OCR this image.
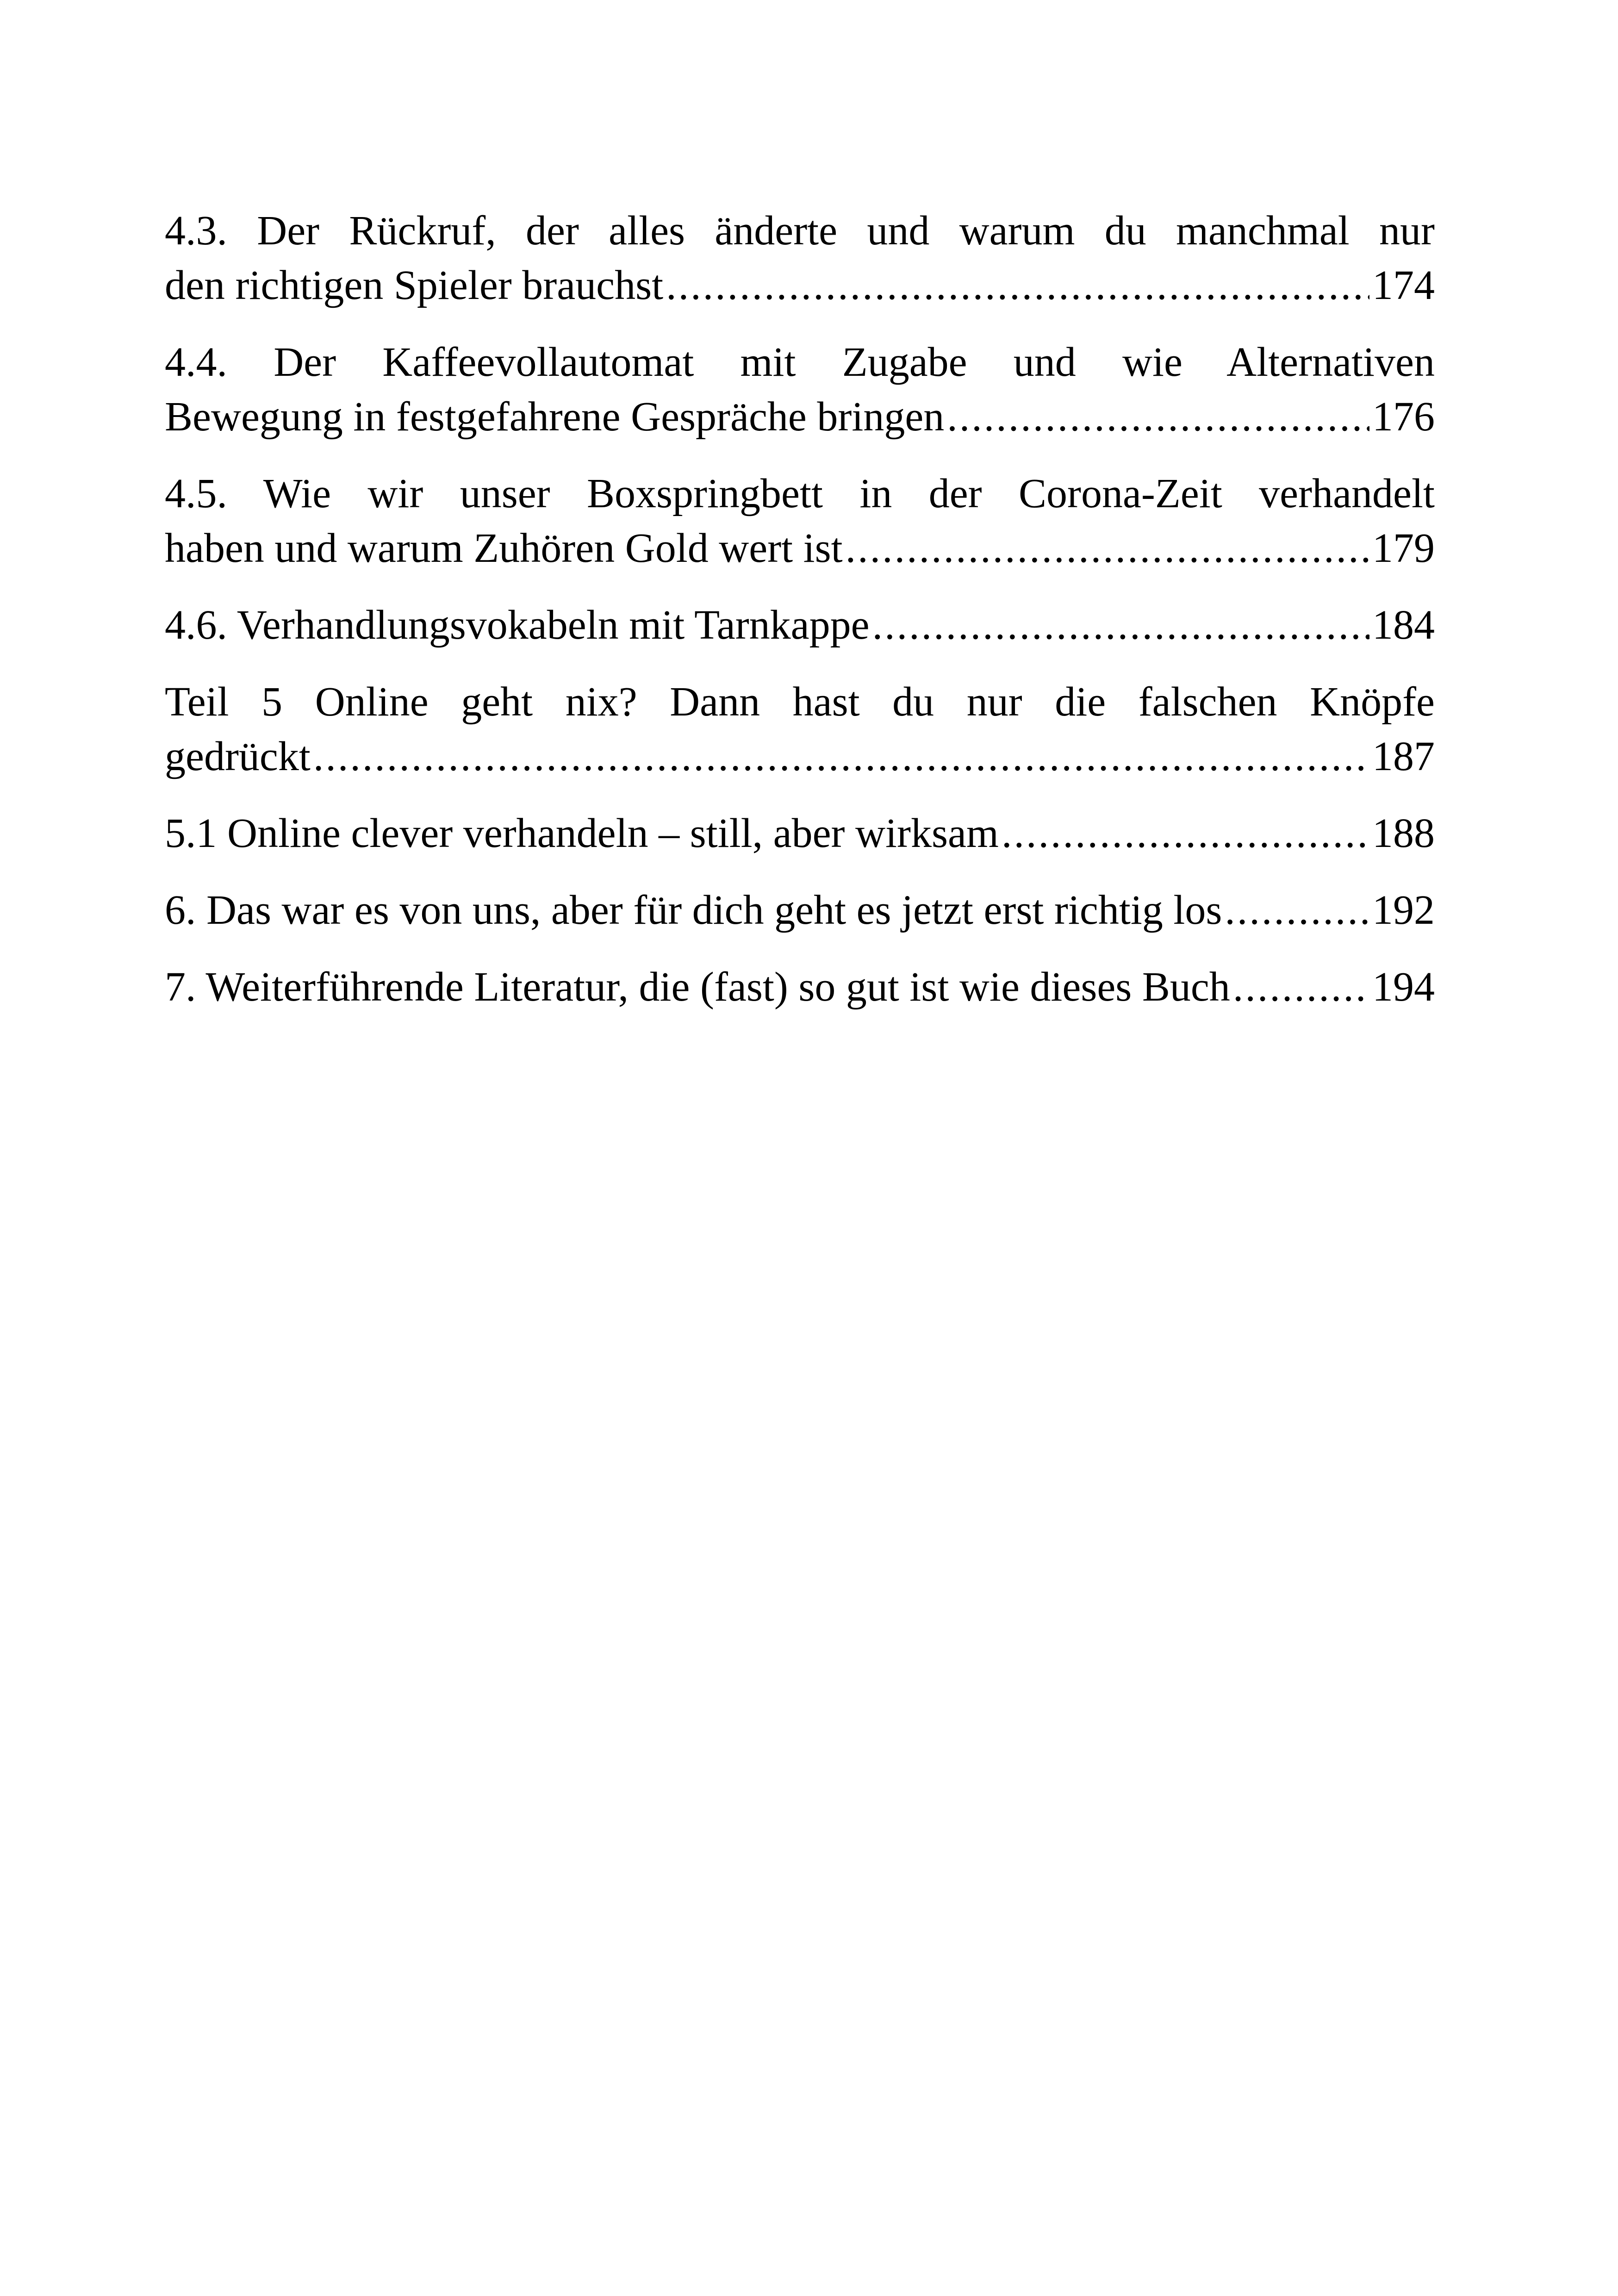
4.3. Der Rückruf, der alles änderte und warum du manchmal nur
den richtigen Spieler brauchst .....	174
4.4. Der Kaffeevollautomat mit Zugabe und wie Alternativen
Bewegung in festgefahrene Gespräche bringen .....	176
4.5. Wie wir unser Boxspringbett in der Corona-Zeit verhandelt
haben und warum Zuhören Gold wert ist .....	179
4.6. Verhandlungsvokabeln mit Tarnkappe .....	184
Teil 5 Online geht nix? Dann hast du nur die falschen Knöpfe
gedrückt .....	187
5.1 Online clever verhandeln – still, aber wirksam .....	188
6. Das war es von uns, aber für dich geht es jetzt erst richtig los .....	192
7. Weiterführende Literatur, die (fast) so gut ist wie dieses Buch .....	194
